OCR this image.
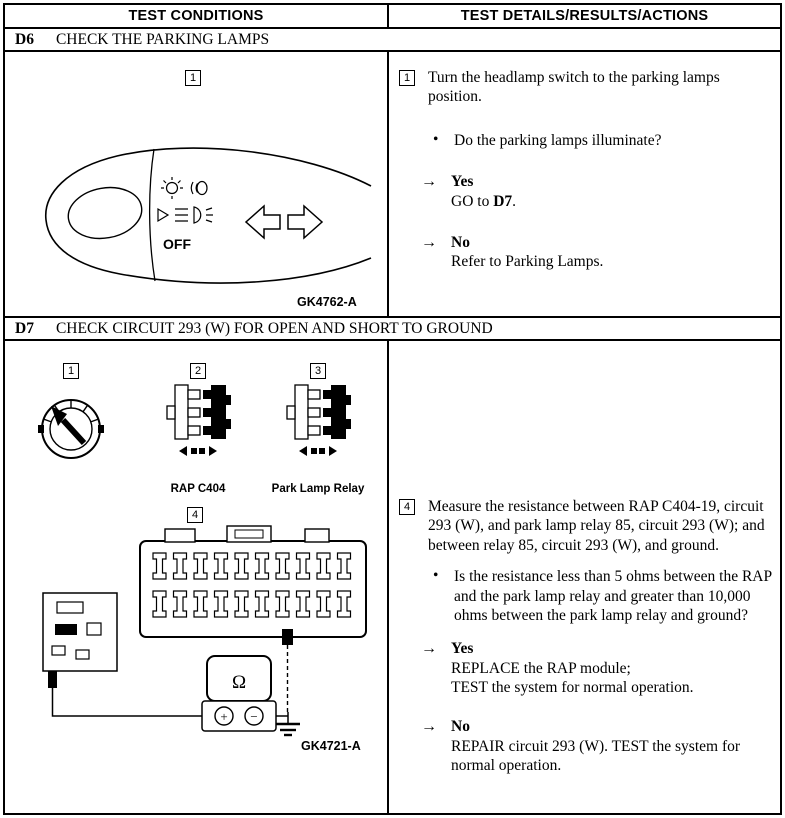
TEST CONDITIONS	TEST DETAILS/RESULTS/ACTIONS
D6 CHECK THE PARKING LAMPS
1
OFF
GK4762-A
1	Turn the headlamp switch to the parking lamps position.
•	Do the parking lamps illuminate?
→ Yes
GO to D7.
→ No
Refer to Parking Lamps.
D7 CHECK CIRCUIT 293 (W) FOR OPEN AND SHORT TO GROUND
1	2	3
4
RAP C404	Park Lamp Relay
Ω
+ −
GK4721-A
4	Measure the resistance between RAP C404-19, circuit 293 (W), and park lamp relay 85, circuit 293 (W); and between relay 85, circuit 293 (W), and ground.
•	Is the resistance less than 5 ohms between the RAP and the park lamp relay and greater than 10,000 ohms between the park lamp relay and ground?
→ Yes
REPLACE the RAP module;
TEST the system for normal operation.
→ No
REPAIR circuit 293 (W). TEST the system for normal operation.
